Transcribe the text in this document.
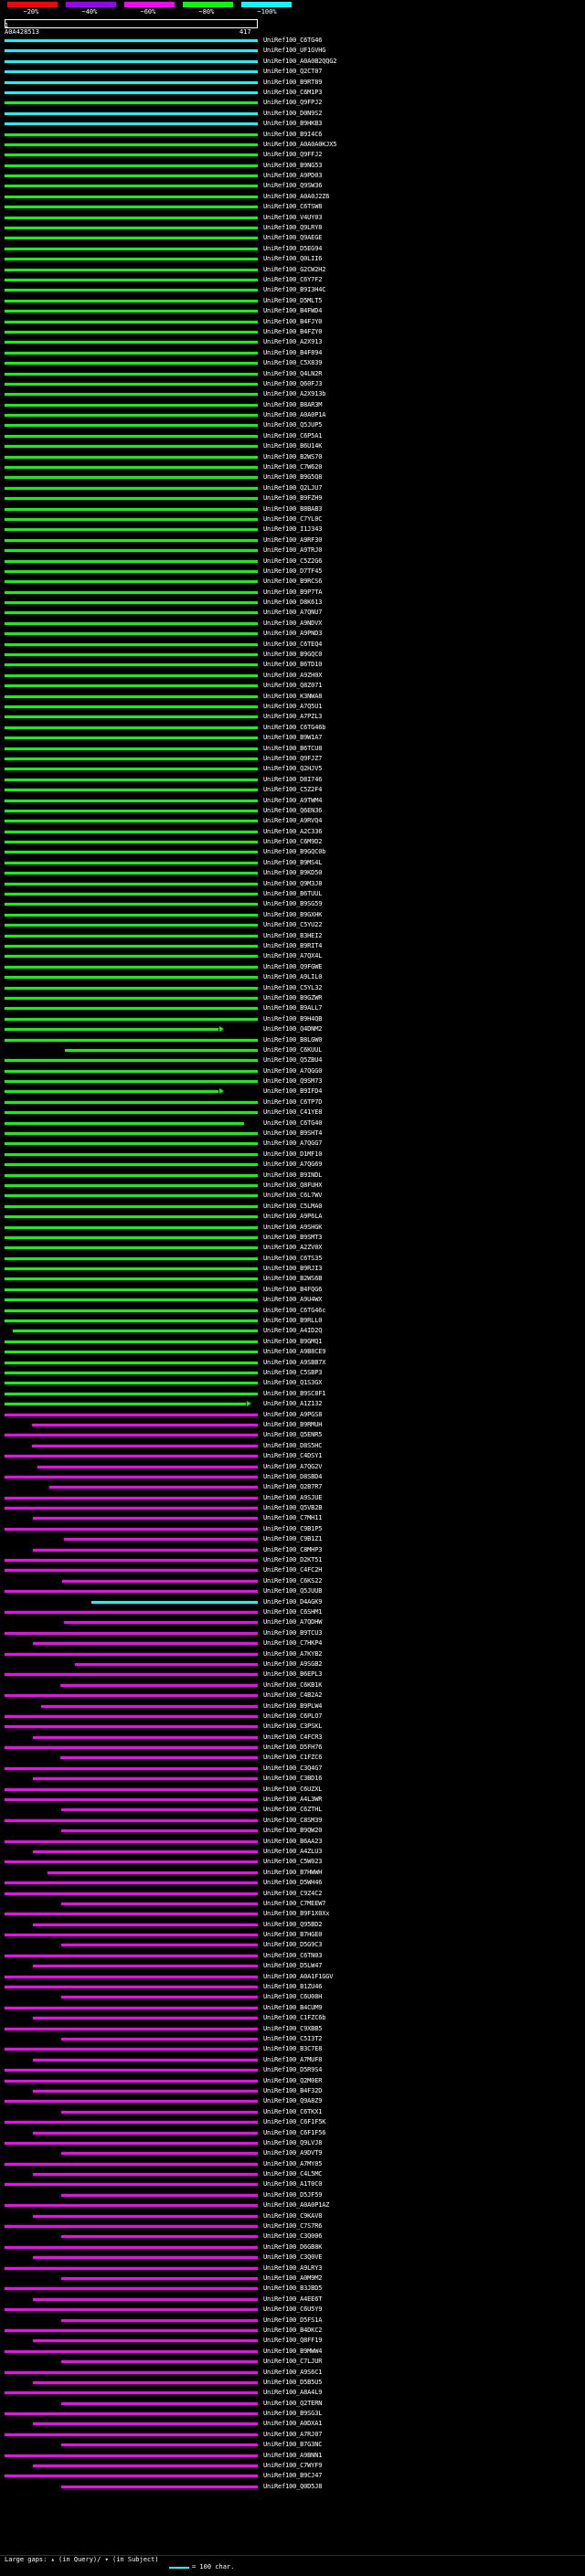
~20%	~40%	~60%	~80%	~100%
1
A0A428513	417
UniRef100_C6TG46
UniRef100_UF1GVHG
UniRef100_A0A0B2QQG2
UniRef100_Q2CT07
UniRef100_B9RT89
UniRef100_C6M1P3
UniRef100_Q9FPJ2
UniRef100_D0N9S2
UniRef100_B9HKB3
UniRef100_B9I4C6
UniRef100_A0A0A0KJX5
UniRef100_Q9FFJ2
UniRef100_B9NG53
UniRef100_A9PD03
UniRef100_Q9SW36
UniRef100_A0A0J2Z6
UniRef100_C6TSW8
UniRef100_V4UY03
UniRef100_Q9LRY8
UniRef100_Q9AEGE
UniRef100_D5EG94
UniRef100_Q0LII6
UniRef100_G2CW2H2
UniRef100_C6Y7F2
UniRef100_B9I3H4C
UniRef100_D5MLT5
UniRef100_B4FWD4
UniRef100_B4FJY0
UniRef100_B4FZY0
UniRef100_A2X913
UniRef100_B4F894
UniRef100_C5X839
UniRef100_Q4LN2R
UniRef100_Q60FJ3
UniRef100_A2X913b
UniRef100_B8AR3M
UniRef100_A0A0P1A
UniRef100_Q5JUP5
UniRef100_C6P5A1
UniRef100_B6U14K
UniRef100_B2WS70
UniRef100_C7W620
UniRef100_B9G5Q8
UniRef100_Q2LJU7
UniRef100_B9FZH9
UniRef100_B8BAB3
UniRef100_C7YL0C
UniRef100_I1J343
UniRef100_A9RF30
UniRef100_A9TRJ0
UniRef100_C5Z2G6
UniRef100_D7TF45
UniRef100_B9RCS6
UniRef100_B9P7TA
UniRef100_D8K613
UniRef100_A7QNU7
UniRef100_A9NDVX
UniRef100_A9PND3
UniRef100_C6TEQ4
UniRef100_B9GQC0
UniRef100_B6TD10
UniRef100_A9ZH0X
UniRef100_Q8Z071
UniRef100_K3NWA8
UniRef100_A7Q5U1
UniRef100_A7PZL3
UniRef100_C6TG46b
UniRef100_B9W1A7
UniRef100_B6TCU8
UniRef100_Q9FJZ7
UniRef100_Q2HJV5
UniRef100_D8I746
UniRef100_C5Z2F4
UniRef100_A9TWM4
UniRef100_Q6EN36
UniRef100_A9RVQ4
UniRef100_A2C336
UniRef100_C6M9D2
UniRef100_B9GQC0b
UniRef100_B9MS4L
UniRef100_B9KD50
UniRef100_Q9M3J8
UniRef100_B6TUUL
UniRef100_B9SG59
UniRef100_B9GXHK
UniRef100_C5YU22
UniRef100_B3HEI2
UniRef100_B9RIT4
UniRef100_A7QX4L
UniRef100_Q9FGWE
UniRef100_A9LIL0
UniRef100_C5YL32
UniRef100_B9GZWR
UniRef100_B9ALL7
UniRef100_B9H4QB
UniRef100_Q4DNM2
UniRef100_B8LGW0
UniRef100_C6KUUL
UniRef100_Q5ZBU4
UniRef100_A7QGG0
UniRef100_Q9SM73
UniRef100_B9IFD4
UniRef100_C6TP7D
UniRef100_C41YE8
UniRef100_C6TG40
UniRef100_B9SHT4
UniRef100_A7QGG7
UniRef100_D1MF10
UniRef100_A7QG69
UniRef100_B9INDL
UniRef100_Q8FUHX
UniRef100_C6L7WV
UniRef100_C5LMA0
UniRef100_A9P6LA
UniRef100_A9SHGK
UniRef100_B9SMT3
UniRef100_A2ZV0X
UniRef100_C6TS35
UniRef100_B9RJI3
UniRef100_B2WS6B
UniRef100_B4FQG6
UniRef100_A9U4WX
UniRef100_C6TG46c
UniRef100_B9RLL0
UniRef100_A4ID2Q
UniRef100_B9GMQ1
UniRef100_A9B8CE9
UniRef100_A9SBB7X
UniRef100_C5SBP3
UniRef100_Q1S3GX
UniRef100_B9SC8F1
UniRef100_A1Z132
UniRef100_A9PGS8
UniRef100_B9RMUH
UniRef100_Q5ENR5
UniRef100_D8S5HC
UniRef100_C4DSY1
UniRef100_A7QG2V
UniRef100_D8SBD4
UniRef100_Q2B7R7
UniRef100_A9SJUE
UniRef100_Q5VB2B
UniRef100_C7MH11
UniRef100_C9B1P5
UniRef100_C9B1Z1
UniRef100_C8MHP3
UniRef100_D2KT51
UniRef100_C4FC2H
UniRef100_C6KS22
UniRef100_Q5JUUB
UniRef100_D4AGK9
UniRef100_C6SHM1
UniRef100_A7QDHW
UniRef100_B9TCU3
UniRef100_C7HKP4
UniRef100_A7KYB2
UniRef100_A9SGB2
UniRef100_B6EPL3
UniRef100_C6KB1K
UniRef100_C4B2A2
UniRef100_B9PLW4
UniRef100_C6PLO7
UniRef100_C3PSKL
UniRef100_C4FCR3
UniRef100_D5FH76
UniRef100_C1FZC6
UniRef100_C3Q4G7
UniRef100_C3BD16
UniRef100_C6UZXL
UniRef100_A4L3WR
UniRef100_C6ZTHL
UniRef100_C8SM39
UniRef100_B9QW20
UniRef100_B6AA23
UniRef100_A4ZLU3
UniRef100_C5W023
UniRef100_B7HWWH
UniRef100_D5WH46
UniRef100_C9Z4C2
UniRef100_C7MEEW7
UniRef100_B9F1X0Xx
UniRef100_Q95BD2
UniRef100_B7HGE0
UniRef100_D5G9C3
UniRef100_C6TN03
UniRef100_D5LW47
UniRef100_A0A1F1GGV
UniRef100_B1ZU46
UniRef100_C6U08H
UniRef100_B4CUM9
UniRef100_C1FZC6b
UniRef100_C9XBB5
UniRef100_C5I3T2
UniRef100_B3C7E8
UniRef100_A7MUF8
UniRef100_D5R9S4
UniRef100_Q2M0ER
UniRef100_B4F32D
UniRef100_Q9A8Z9
UniRef100_C6TKX1
UniRef100_C6F1F5K
UniRef100_C6F1F56
UniRef100_Q9LVJ8
UniRef100_A9DVT9
UniRef100_A7MY05
UniRef100_C4L5MC
UniRef100_A1T0C0
UniRef100_D5JF59
UniRef100_A0A0P1AZ
UniRef100_C9KAV8
UniRef100_C7S7R6
UniRef100_C3Q006
UniRef100_D6GB8K
UniRef100_C3Q0VE
UniRef100_A9LRY3
UniRef100_A0M9M2
UniRef100_B3JBD5
UniRef100_A4EE6T
UniRef100_C6U5Y9
UniRef100_D5FS1A
UniRef100_B4DKC2
UniRef100_Q8FF19
UniRef100_B9MWW4
UniRef100_C7LJUR
UniRef100_A9S6C1
UniRef100_D5B5U5
UniRef100_A8A4L9
UniRef100_Q2TERN
UniRef100_B9SG3L
UniRef100_A0DXA1
UniRef100_A7RJ07
UniRef100_B7G3NC
UniRef100_A9BNN1
UniRef100_C7WYF9
UniRef100_B9CJ47
UniRef100_Q0D5J8
Large gaps: ▴ (in Query)/ ▾ (in Subject)
= 100 char.
